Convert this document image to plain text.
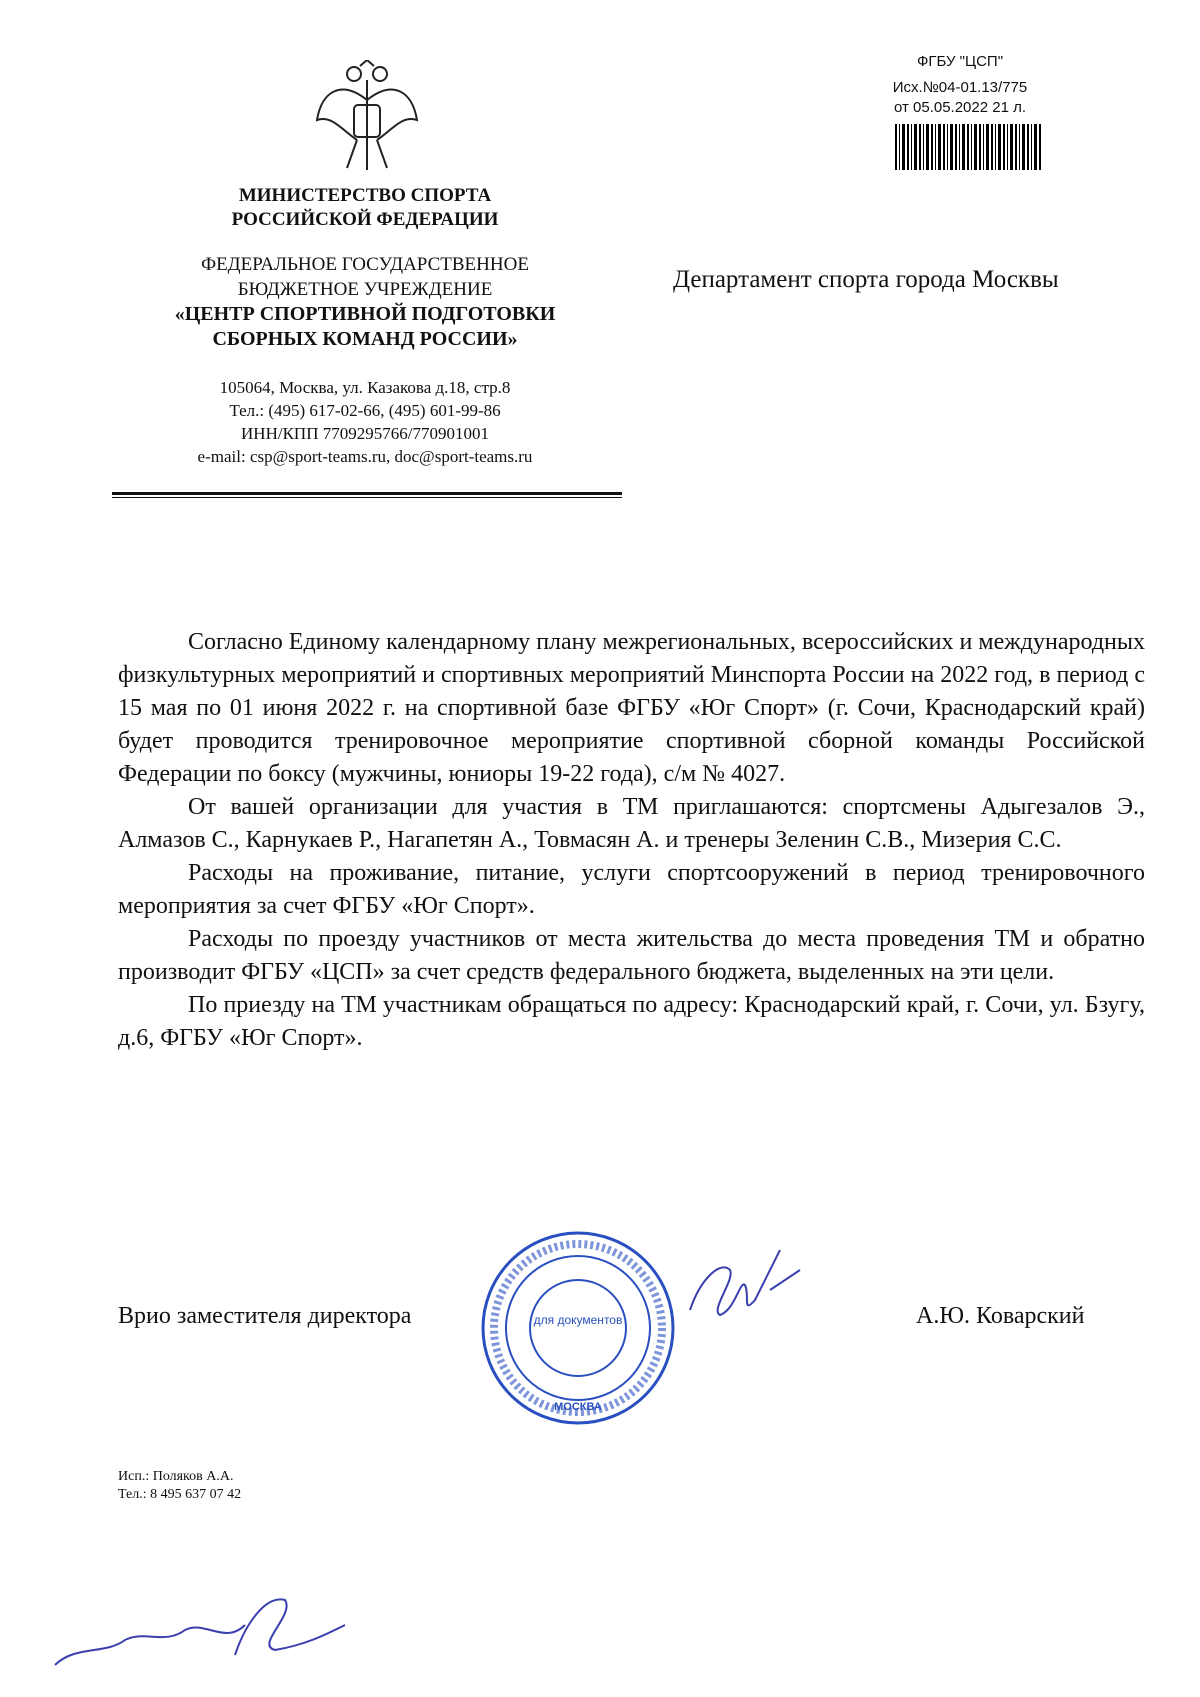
МИНИСТЕРСТВО СПОРТА
РОССИЙСКОЙ ФЕДЕРАЦИИ
ФЕДЕРАЛЬНОЕ ГОСУДАРСТВЕННОЕ
БЮДЖЕТНОЕ УЧРЕЖДЕНИЕ
«ЦЕНТР СПОРТИВНОЙ ПОДГОТОВКИ
СБОРНЫХ КОМАНД РОССИИ»
105064, Москва, ул. Казакова д.18, стр.8
Тел.: (495) 617-02-66, (495) 601-99-86
ИНН/КПП 7709295766/770901001
e-mail: csp@sport-teams.ru, doc@sport-teams.ru
ФГБУ "ЦСП"
Исх.№04-01.13/775
от 05.05.2022 21 л.
Департамент спорта города Москвы

Согласно Единому календарному плану межрегиональных, всероссийских и международных физкультурных мероприятий и спортивных мероприятий Минспорта России на 2022 год, в период с 15 мая по 01 июня 2022 г. на спортивной базе ФГБУ «Юг Спорт» (г. Сочи, Краснодарский край) будет проводится тренировочное мероприятие спортивной сборной команды Российской Федерации по боксу (мужчины, юниоры 19-22 года), с/м № 4027.

От вашей организации для участия в ТМ приглашаются: спортсмены Адыгезалов Э., Алмазов С., Карнукаев Р., Нагапетян А., Товмасян А. и тренеры Зеленин С.В., Мизерия С.С.

Расходы на проживание, питание, услуги спортсооружений в период тренировочного мероприятия за счет ФГБУ «Юг Спорт».

Расходы по проезду участников от места жительства до места проведения ТМ и обратно производит ФГБУ «ЦСП» за счет средств федерального бюджета, выделенных на эти цели.

По приезду на ТМ участникам обращаться по адресу: Краснодарский край, г. Сочи, ул. Бзугу, д.6, ФГБУ «Юг Спорт».

Врио заместителя директора	А.Ю. Коварский
для документов
МОСКВА
Исп.: Поляков А.А.
Тел.: 8 495 637 07 42
